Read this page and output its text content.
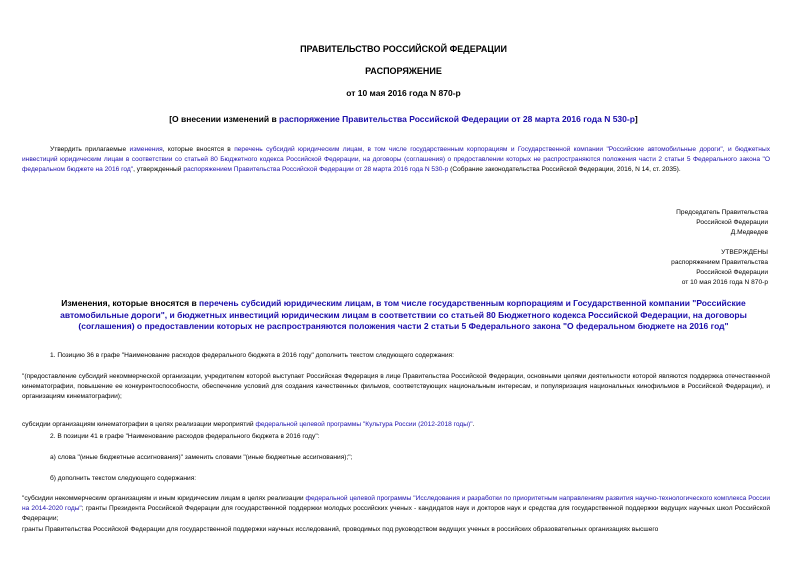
ПРАВИТЕЛЬСТВО РОССИЙСКОЙ ФЕДЕРАЦИИ
РАСПОРЯЖЕНИЕ
от 10 мая 2016 года N 870-р
[О внесении изменений в распоряжение Правительства Российской Федерации от 28 марта 2016 года N 530-р]
Утвердить прилагаемые изменения, которые вносятся в перечень субсидий юридическим лицам, в том числе государственным корпорациям и Государственной компании "Российские автомобильные дороги", и бюджетных инвестиций юридическим лицам в соответствии со статьей 80 Бюджетного кодекса Российской Федерации, на договоры (соглашения) о предоставлении которых не распространяются положения части 2 статьи 5 Федерального закона "О федеральном бюджете на 2016 год", утвержденный распоряжением Правительства Российской Федерации от 28 марта 2016 года N 530-р (Собрание законодательства Российской Федерации, 2016, N 14, ст. 2035).
Председатель Правительства
Российской Федерации
Д.Медведев
УТВЕРЖДЕНЫ
распоряжением Правительства
Российской Федерации
от 10 мая 2016 года N 870-р
Изменения, которые вносятся в перечень субсидий юридическим лицам, в том числе государственным корпорациям и Государственной компании "Российские автомобильные дороги", и бюджетных инвестиций юридическим лицам в соответствии со статьей 80 Бюджетного кодекса Российской Федерации, на договоры (соглашения) о предоставлении которых не распространяются положения части 2 статьи 5 Федерального закона "О федеральном бюджете на 2016 год"
1. Позицию 36 в графе "Наименование расходов федерального бюджета в 2016 году" дополнить текстом следующего содержания:
"(предоставление субсидий некоммерческой организации, учредителем которой выступает Российская Федерация в лице Правительства Российской Федерации, основными целями деятельности которой являются поддержка отечественной кинематографии, повышение ее конкурентоспособности, обеспечение условий для создания качественных фильмов, соответствующих национальным интересам, и популяризация национальных кинофильмов в Российской Федерации), и организациям кинематографии);
субсидии организациям кинематографии в целях реализации мероприятий федеральной целевой программы "Культура России (2012-2018 годы)".
2. В позиции 41 в графе "Наименование расходов федерального бюджета в 2016 году":
а) слова "(иные бюджетные ассигнования)" заменить словами "(иные бюджетные ассигнования);";
б) дополнить текстом следующего содержания:
"субсидии некоммерческим организациям и иным юридическим лицам в целях реализации федеральной целевой программы "Исследования и разработки по приоритетным направлениям развития научно-технологического комплекса России на 2014-2020 годы"; гранты Президента Российской Федерации для государственной поддержки молодых российских ученых - кандидатов наук и докторов наук и средства для государственной поддержки ведущих научных школ Российской Федерации;
гранты Правительства Российской Федерации для государственной поддержки научных исследований, проводимых под руководством ведущих ученых в российских образовательных организациях высшего
